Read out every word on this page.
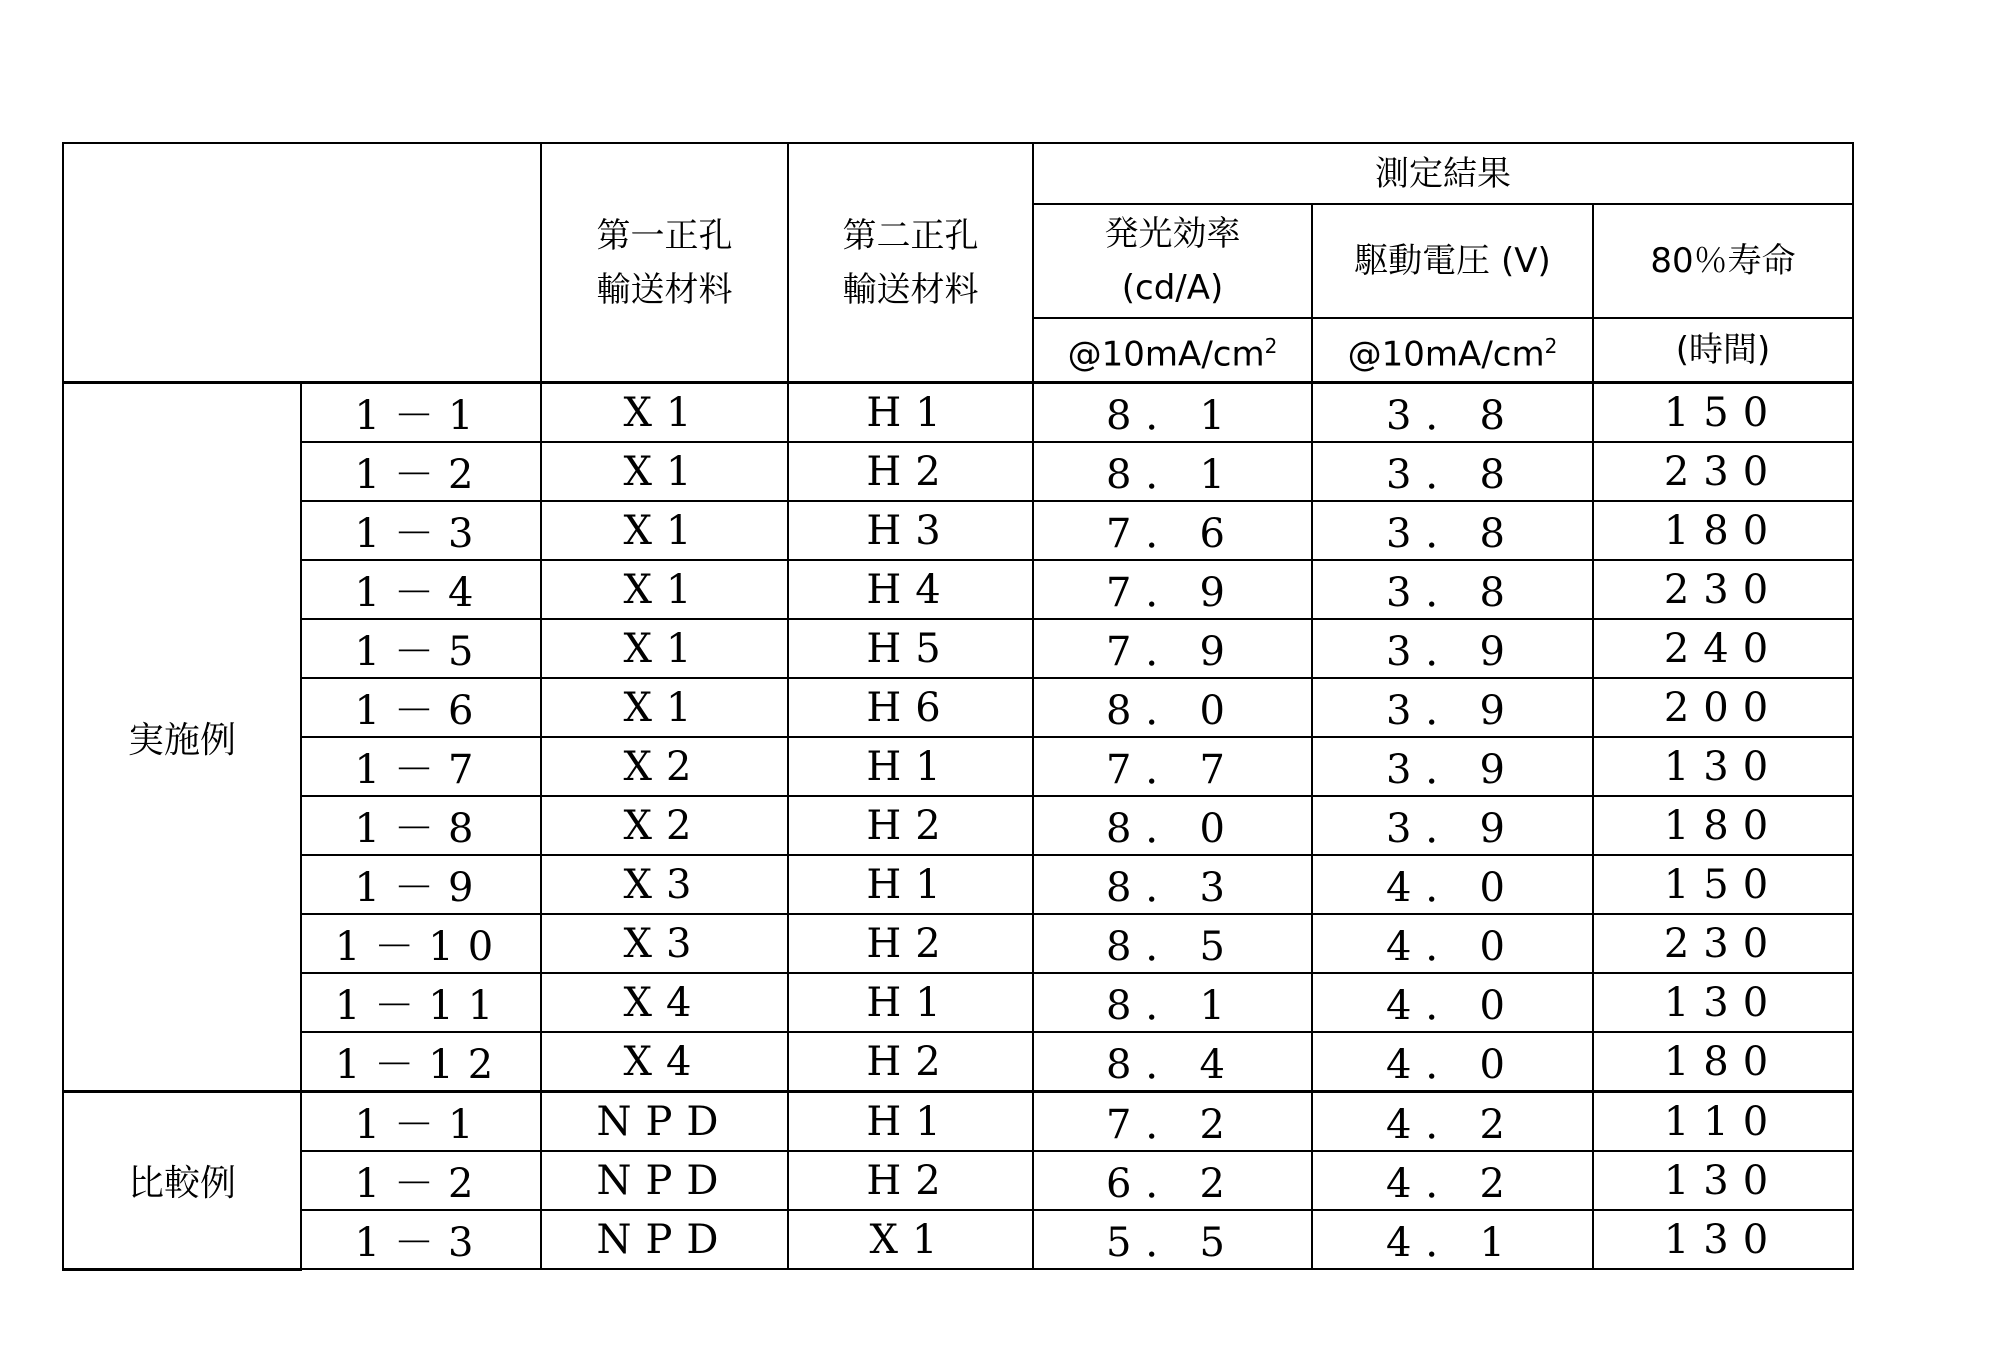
	第一正孔
輸送材料	第二正孔
輸送材料	測定結果
発光効率
(cd/A)	駆動電圧 (V)	80％寿命
@10mA/cm2	@10mA/cm2	(時間)
実施例	1－1	X1	H1	8．1	3．8	150
1－2	X1	H2	8．1	3．8	230
1－3	X1	H3	7．6	3．8	180
1－4	X1	H4	7．9	3．8	230
1－5	X1	H5	7．9	3．9	240
1－6	X1	H6	8．0	3．9	200
1－7	X2	H1	7．7	3．9	130
1－8	X2	H2	8．0	3．9	180
1－9	X3	H1	8．3	4．0	150
1－10	X3	H2	8．5	4．0	230
1－11	X4	H1	8．1	4．0	130
1－12	X4	H2	8．4	4．0	180
比較例	1－1	NPD	H1	7．2	4．2	110
1－2	NPD	H2	6．2	4．2	130
1－3	NPD	X1	5．5	4．1	130
